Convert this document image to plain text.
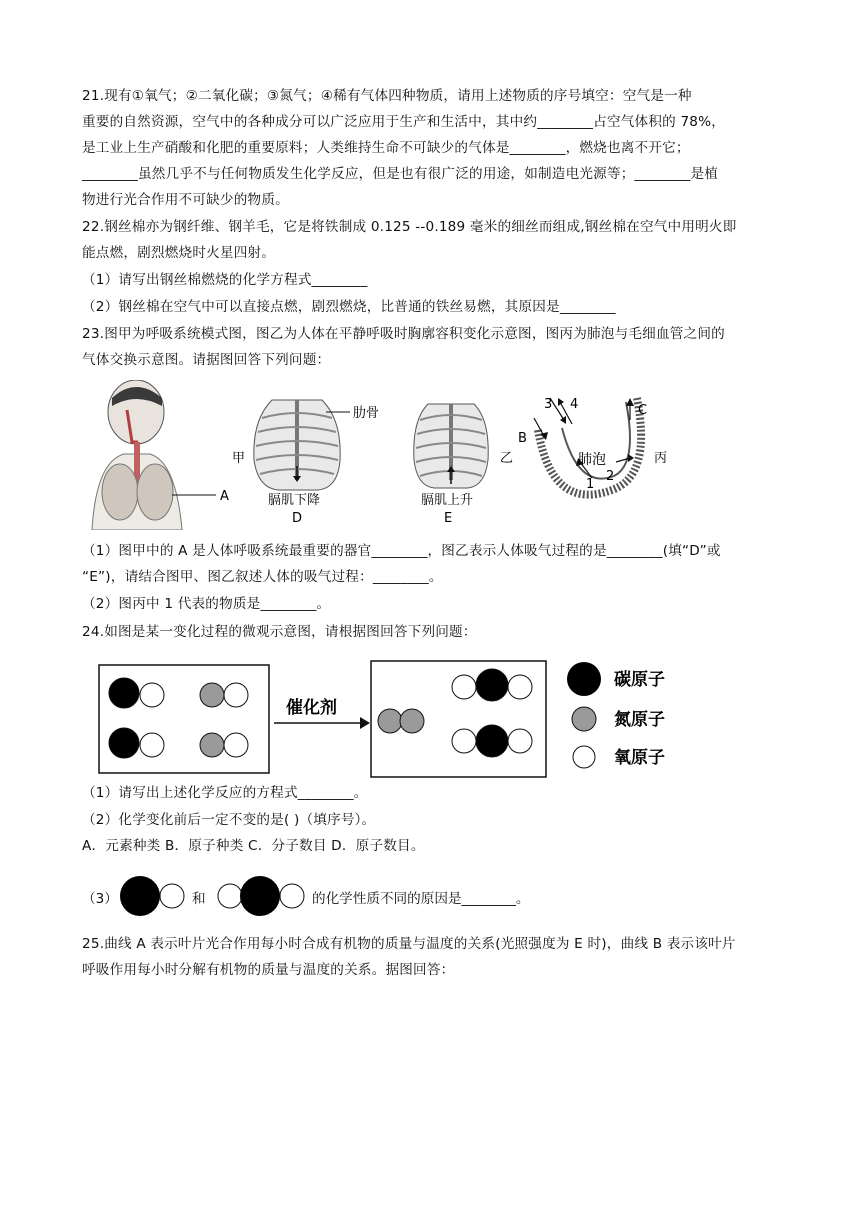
21.现有①氧气；②二氧化碳；③氮气；④稀有气体四种物质，请用上述物质的序号填空：空气是一种
重要的自然资源，空气中的各种成分可以广泛应用于生产和生活中，其中约________占空气体积的 78%，
是工业上生产硝酸和化肥的重要原料；人类维持生命不可缺少的气体是________，燃烧也离不开它；
________虽然几乎不与任何物质发生化学反应，但是也有很广泛的用途，如制造电光源等；________是植
物进行光合作用不可缺少的物质。
22.钢丝棉亦为钢纤维、钢羊毛，它是将铁制成 0.125 --0.189 毫米的细丝而组成,钢丝棉在空气中用明火即
能点燃，剧烈燃烧时火星四射。
（1）请写出钢丝棉燃烧的化学方程式________
（2）钢丝棉在空气中可以直接点燃，剧烈燃烧，比普通的铁丝易燃，其原因是________
23.图甲为呼吸系统模式图，图乙为人体在平静呼吸时胸廓容积变化示意图，图丙为肺泡与毛细血管之间的
气体交换示意图。请据图回答下列问题：
A
甲
肋骨
膈肌下降
D
膈肌上升
E
乙
3 4	C
B
肺泡
1
2
丙
（1）图甲中的 A 是人体呼吸系统最重要的器官________，图乙表示人体吸气过程的是________(填“D”或
“E”)，请结合图甲、图乙叙述人体的吸气过程：________。
（2）图丙中 1 代表的物质是________。
24.如图是某一变化过程的微观示意图，请根据图回答下列问题：
催化剂
碳原子
氮原子
氧原子
（1）请写出上述化学反应的方程式________。
（2）化学变化前后一定不变的是( )（填序号）。
A．元素种类 B．原子种类 C．分子数目 D．原子数目。
（3）	和	的化学性质不同的原因是________。
25.曲线 A 表示叶片光合作用每小时合成有机物的质量与温度的关系(光照强度为 E 时)，曲线 B 表示该叶片
呼吸作用每小时分解有机物的质量与温度的关系。据图回答：
